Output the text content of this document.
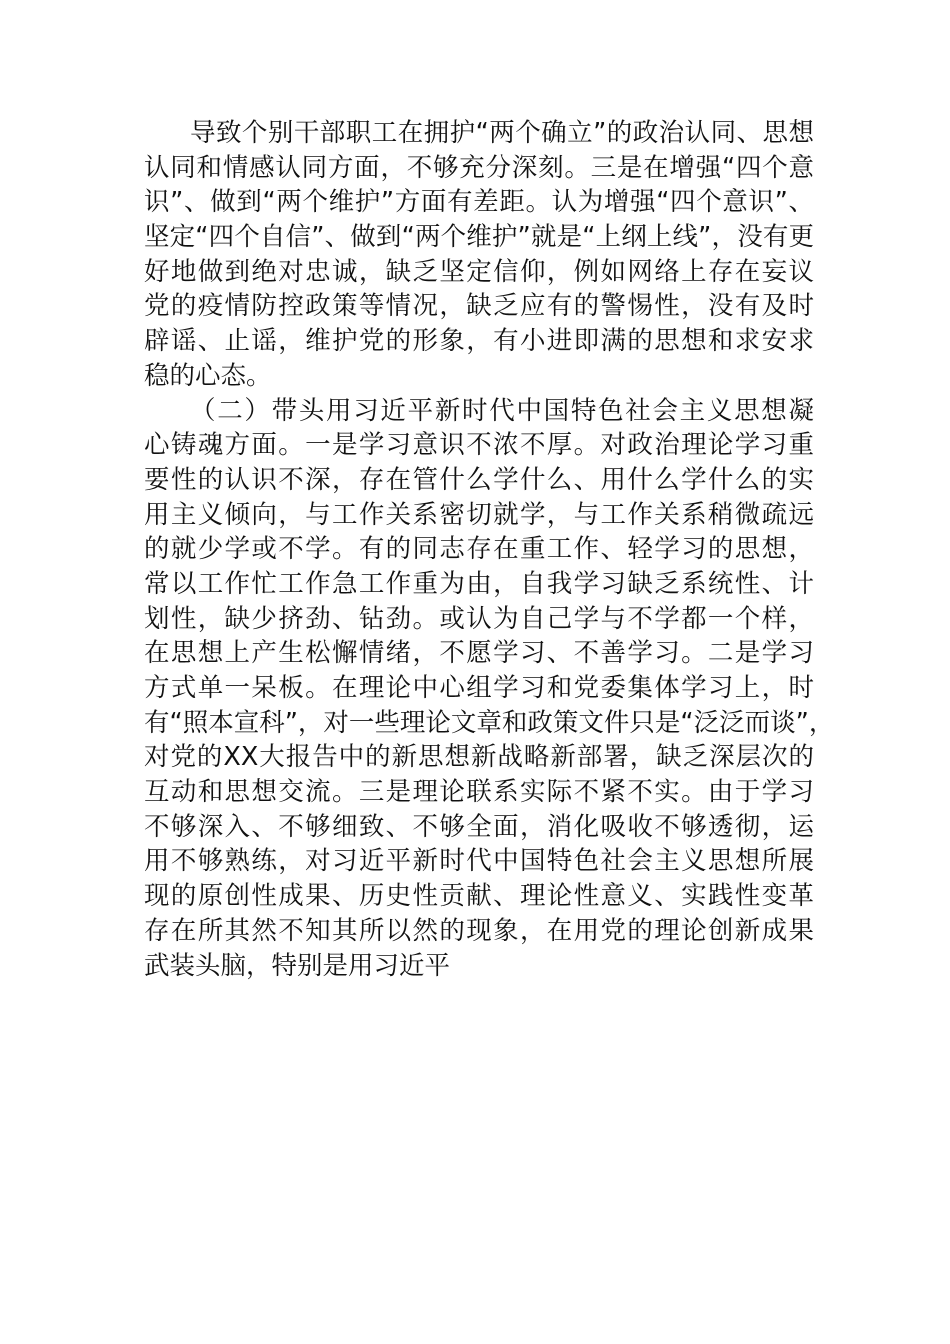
导致个别干部职工在拥护“两个确立”的政治认同、思想
认同和情感认同方面，不够充分深刻。三是在增强“四个意
识”、做到“两个维护”方面有差距。认为增强“四个意识”、
坚定“四个自信”、做到“两个维护”就是“上纲上线”，没有更
好地做到绝对忠诚，缺乏坚定信仰，例如网络上存在妄议
党的疫情防控政策等情况，缺乏应有的警惕性，没有及时
辟谣、止谣，维护党的形象，有小进即满的思想和求安求
稳的心态。
（二）带头用习近平新时代中国特色社会主义思想凝
心铸魂方面。一是学习意识不浓不厚。对政治理论学习重
要性的认识不深，存在管什么学什么、用什么学什么的实
用主义倾向，与工作关系密切就学，与工作关系稍微疏远
的就少学或不学。有的同志存在重工作、轻学习的思想，
常以工作忙工作急工作重为由，自我学习缺乏系统性、计
划性，缺少挤劲、钻劲。或认为自己学与不学都一个样，
在思想上产生松懈情绪，不愿学习、不善学习。二是学习
方式单一呆板。在理论中心组学习和党委集体学习上，时
有“照本宣科”，对一些理论文章和政策文件只是“泛泛而谈”，
对党的XX大报告中的新思想新战略新部署，缺乏深层次的
互动和思想交流。三是理论联系实际不紧不实。由于学习
不够深入、不够细致、不够全面，消化吸收不够透彻，运
用不够熟练，对习近平新时代中国特色社会主义思想所展
现的原创性成果、历史性贡献、理论性意义、实践性变革
存在所其然不知其所以然的现象，在用党的理论创新成果
武装头脑，特别是用习近平
